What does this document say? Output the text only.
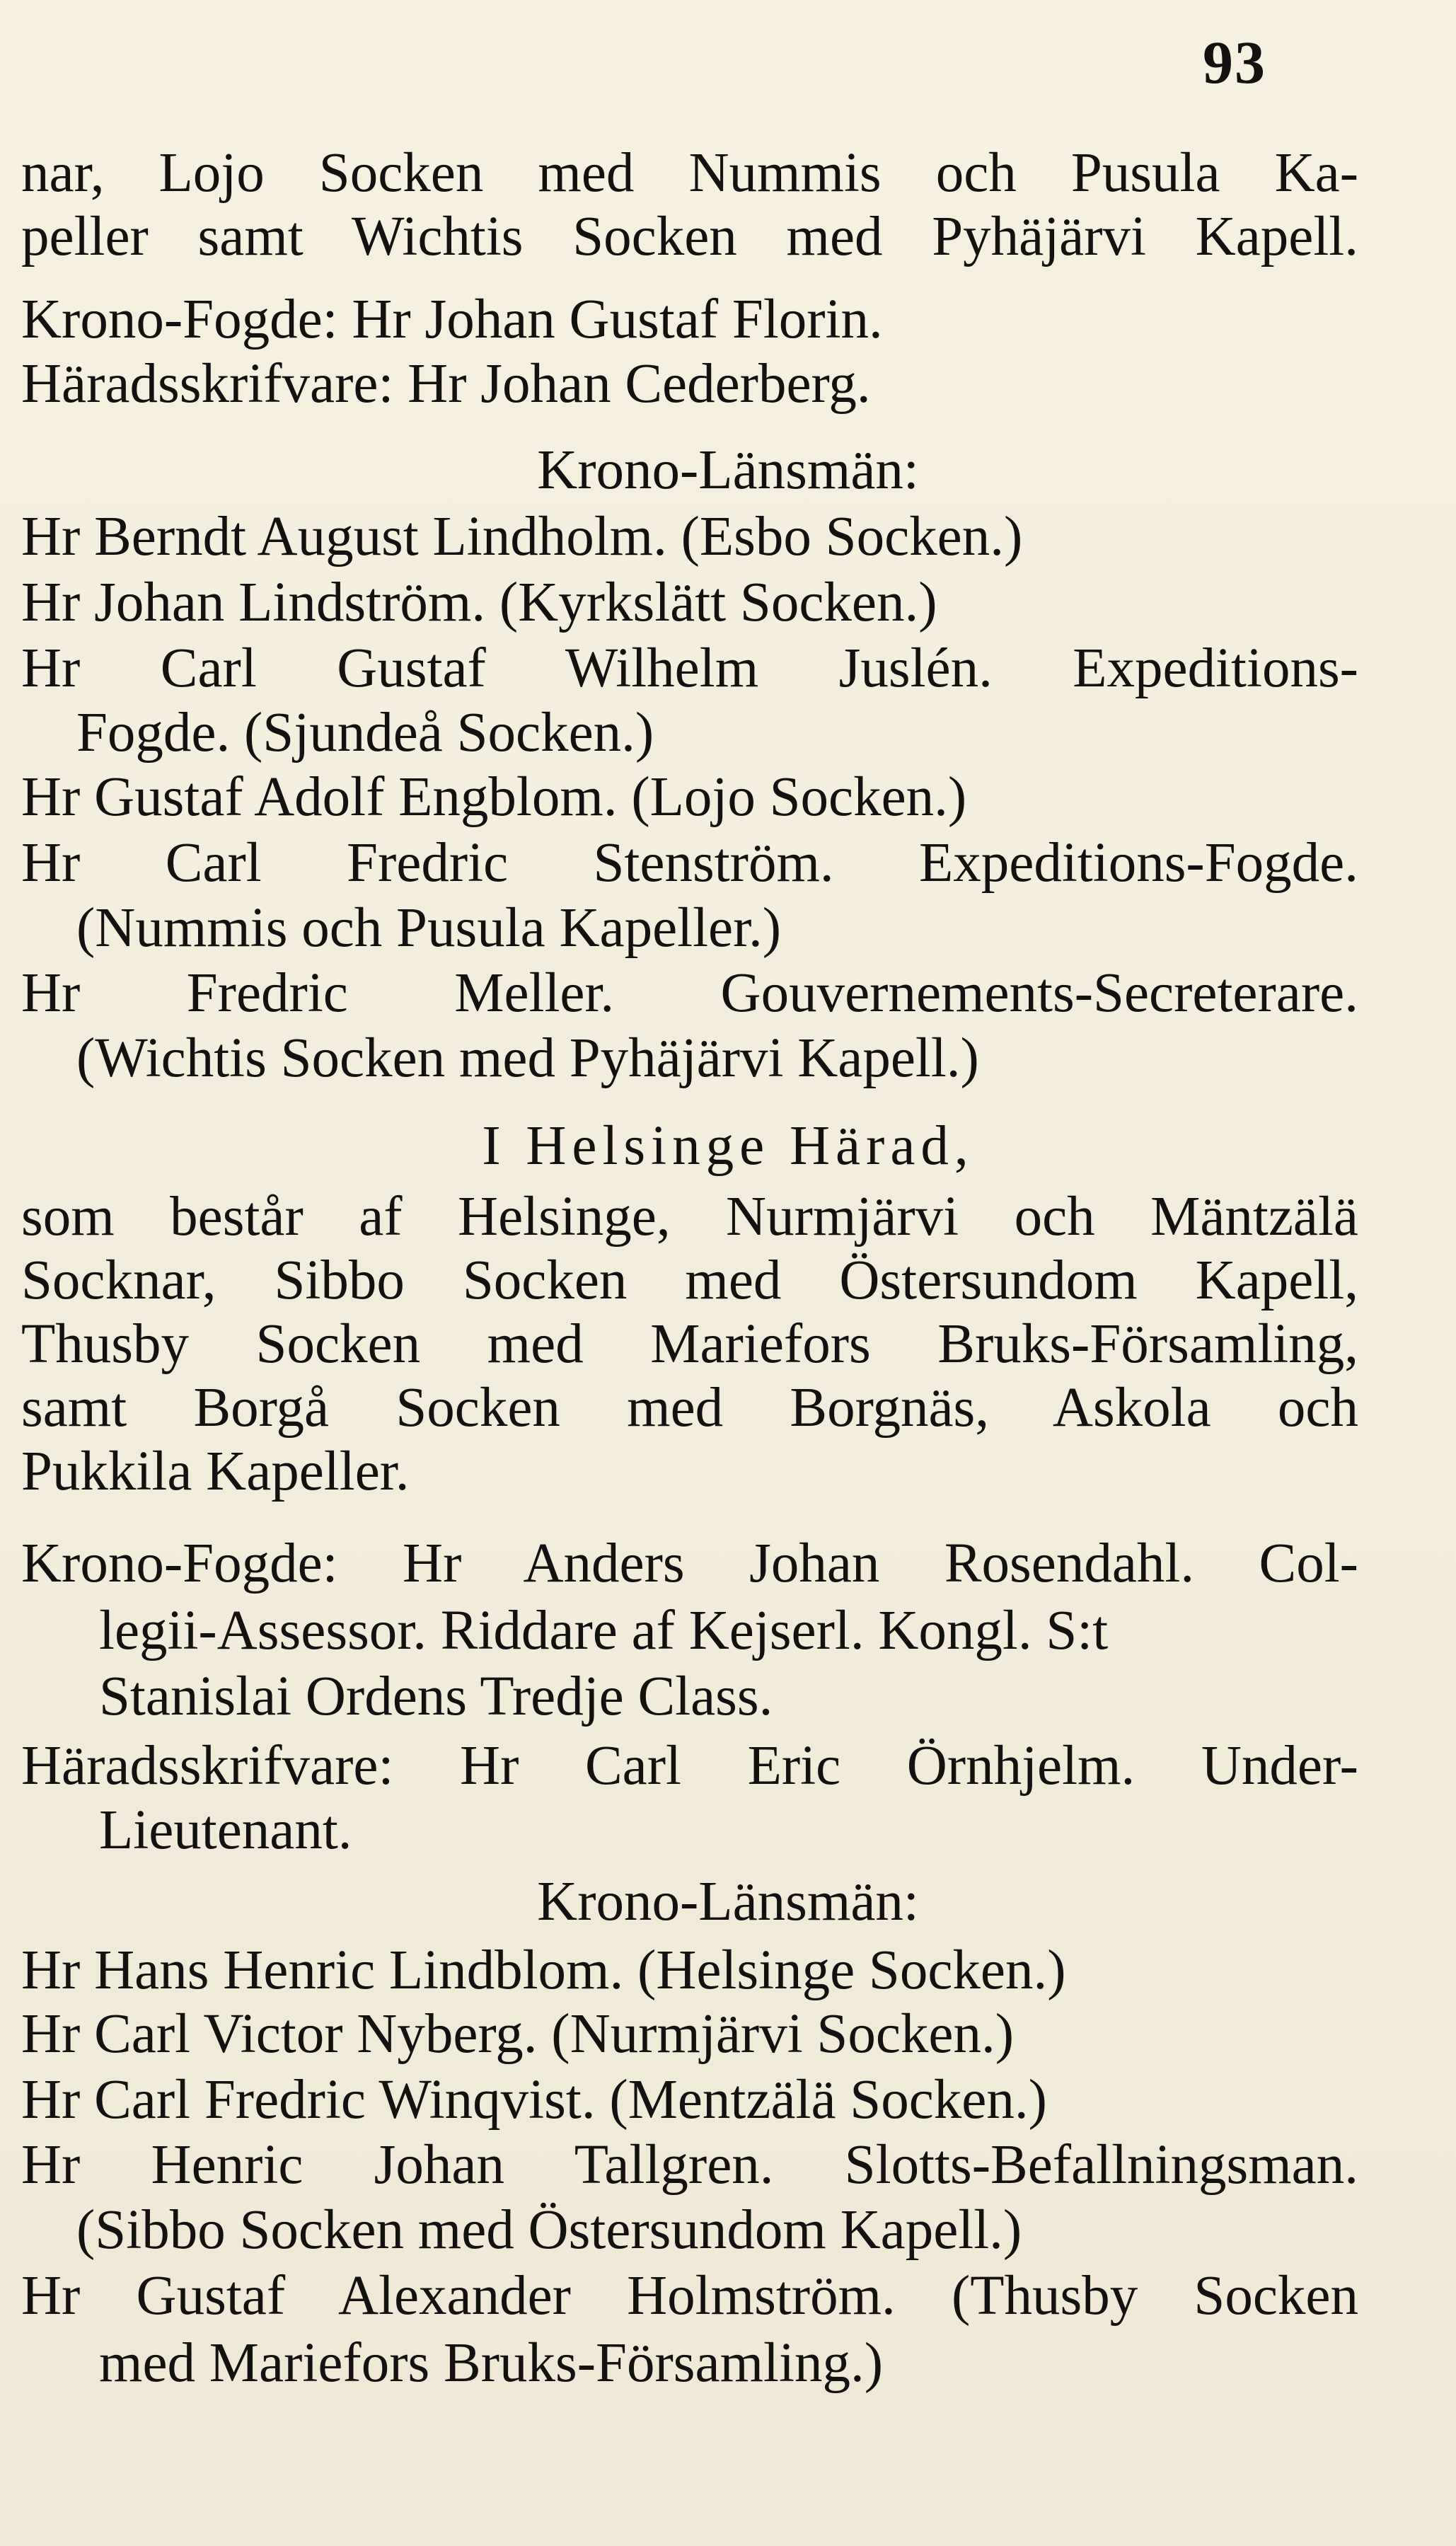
93
nar, Lojo Socken med Nummis och Pusula Ka-
peller samt Wichtis Socken med Pyhäjärvi Kapell.
Krono-Fogde: Hr Johan Gustaf Florin.
Häradsskrifvare: Hr Johan Cederberg.
Krono-Länsmän:
Hr Berndt August Lindholm. (Esbo Socken.)
Hr Johan Lindström. (Kyrkslätt Socken.)
Hr Carl Gustaf Wilhelm Juslén. Expeditions-
Fogde. (Sjundeå Socken.)
Hr Gustaf Adolf Engblom. (Lojo Socken.)
Hr Carl Fredric Stenström. Expeditions-Fogde.
(Nummis och Pusula Kapeller.)
Hr Fredric Meller. Gouvernements-Secreterare.
(Wichtis Socken med Pyhäjärvi Kapell.)
I Helsinge Härad,
som består af Helsinge, Nurmjärvi och Mäntzälä
Socknar, Sibbo Socken med Östersundom Kapell,
Thusby Socken med Mariefors Bruks-Församling,
samt Borgå Socken med Borgnäs, Askola och
Pukkila Kapeller.
Krono-Fogde: Hr Anders Johan Rosendahl. Col-
legii-Assessor. Riddare af Kejserl. Kongl. S:t
Stanislai Ordens Tredje Class.
Häradsskrifvare: Hr Carl Eric Örnhjelm. Under-
Lieutenant.
Krono-Länsmän:
Hr Hans Henric Lindblom. (Helsinge Socken.)
Hr Carl Victor Nyberg. (Nurmjärvi Socken.)
Hr Carl Fredric Winqvist. (Mentzälä Socken.)
Hr Henric Johan Tallgren. Slotts-Befallningsman.
(Sibbo Socken med Östersundom Kapell.)
Hr Gustaf Alexander Holmström. (Thusby Socken
med Mariefors Bruks-Församling.)
